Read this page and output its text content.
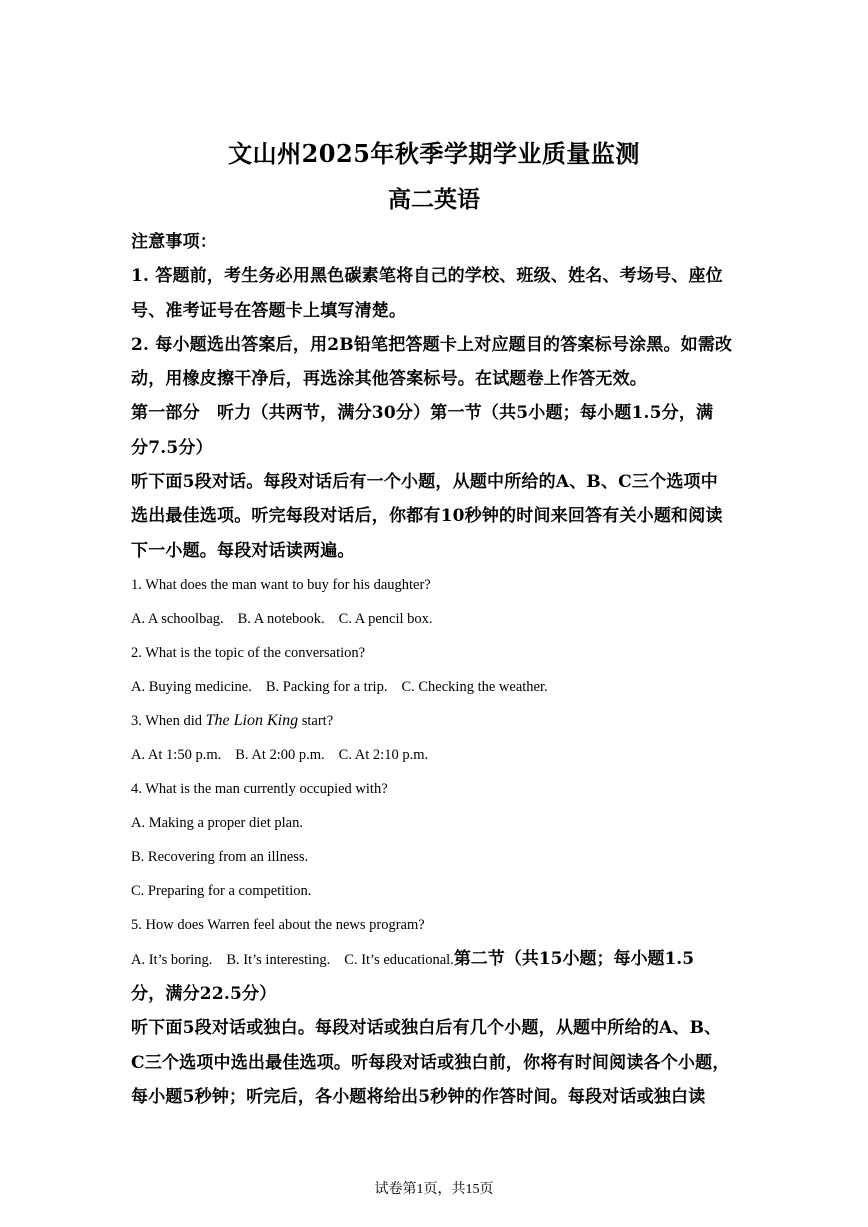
文山州2025年秋季学期学业质量监测
高二英语

注意事项：

1. 答题前，考生务必用黑色碳素笔将自己的学校、班级、姓名、考场号、座位

号、准考证号在答题卡上填写清楚。

2. 每小题选出答案后，用2B铅笔把答题卡上对应题目的答案标号涂黑。如需改

动，用橡皮擦干净后，再选涂其他答案标号。在试题卷上作答无效。

第一部分　听力（共两节，满分30分）第一节（共5小题；每小题1.5分，满

分7.5分）

听下面5段对话。每段对话后有一个小题，从题中所给的A、B、C三个选项中

选出最佳选项。听完每段对话后，你都有10秒钟的时间来回答有关小题和阅读

下一小题。每段对话读两遍。

1. What does the man want to buy for his daughter?

A. A schoolbag. B. A notebook. C. A pencil box.

2. What is the topic of the conversation?

A. Buying medicine. B. Packing for a trip. C. Checking the weather.

3. When did The Lion King start?

A. At 1:50 p.m. B. At 2:00 p.m. C. At 2:10 p.m.

4. What is the man currently occupied with?

A. Making a proper diet plan.

B. Recovering from an illness.

C. Preparing for a competition.

5. How does Warren feel about the news program?

A. It’s boring. B. It’s interesting. C. It’s educational.第二节（共15小题；每小题1.5

分，满分22.5分）

听下面5段对话或独白。每段对话或独白后有几个小题，从题中所给的A、B、

C三个选项中选出最佳选项。听每段对话或独白前，你将有时间阅读各个小题，

每小题5秒钟；听完后，各小题将给出5秒钟的作答时间。每段对话或独白读

试卷第1页，共15页
